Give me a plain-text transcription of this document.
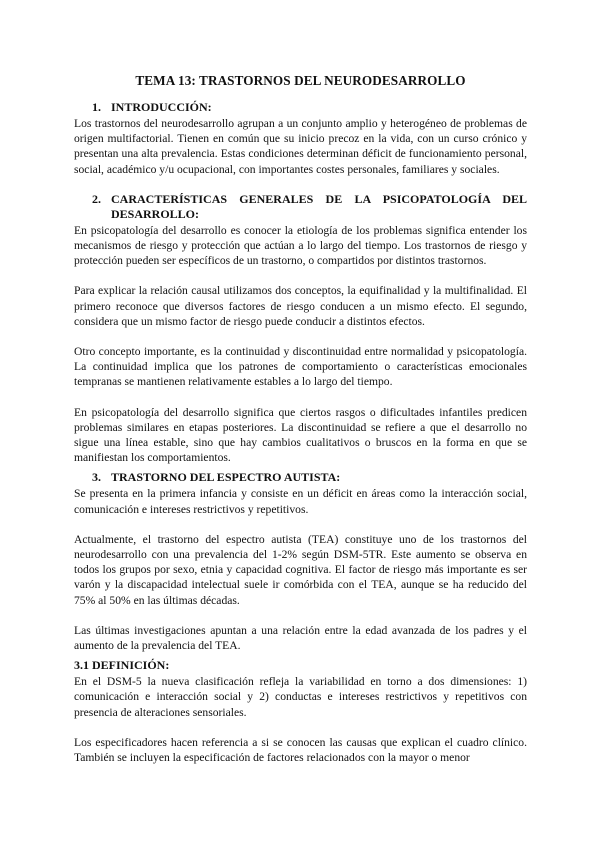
TEMA 13: TRASTORNOS DEL NEURODESARROLLO
1. INTRODUCCIÓN:

Los trastornos del neurodesarrollo agrupan a un conjunto amplio y heterogéneo de problemas de origen multifactorial. Tienen en común que su inicio precoz en la vida, con un curso crónico y presentan una alta prevalencia. Estas condiciones determinan déficit de funcionamiento personal, social, académico y/u ocupacional, con importantes costes personales, familiares y sociales.

2. CARACTERÍSTICAS GENERALES DE LA PSICOPATOLOGÍA DEL DESARROLLO:

En psicopatología del desarrollo es conocer la etiología de los problemas significa entender los mecanismos de riesgo y protección que actúan a lo largo del tiempo. Los trastornos de riesgo y protección pueden ser específicos de un trastorno, o compartidos por distintos trastornos.

Para explicar la relación causal utilizamos dos conceptos, la equifinalidad y la multifinalidad. El primero reconoce que diversos factores de riesgo conducen a un mismo efecto. El segundo, considera que un mismo factor de riesgo puede conducir a distintos efectos.

Otro concepto importante, es la continuidad y discontinuidad entre normalidad y psicopatología. La continuidad implica que los patrones de comportamiento o características emocionales tempranas se mantienen relativamente estables a lo largo del tiempo.

En psicopatología del desarrollo significa que ciertos rasgos o dificultades infantiles predicen problemas similares en etapas posteriores. La discontinuidad se refiere a que el desarrollo no sigue una línea estable, sino que hay cambios cualitativos o bruscos en la forma en que se manifiestan los comportamientos.

3. TRASTORNO DEL ESPECTRO AUTISTA:

Se presenta en la primera infancia y consiste en un déficit en áreas como la interacción social, comunicación e intereses restrictivos y repetitivos.

Actualmente, el trastorno del espectro autista (TEA) constituye uno de los trastornos del neurodesarrollo con una prevalencia del 1-2% según DSM-5TR. Este aumento se observa en todos los grupos por sexo, etnia y capacidad cognitiva. El factor de riesgo más importante es ser varón y la discapacidad intelectual suele ir comórbida con el TEA, aunque se ha reducido del 75% al 50% en las últimas décadas.

Las últimas investigaciones apuntan a una relación entre la edad avanzada de los padres y el aumento de la prevalencia del TEA.

3.1 DEFINICIÓN:

En el DSM-5 la nueva clasificación refleja la variabilidad en torno a dos dimensiones: 1) comunicación e interacción social y 2) conductas e intereses restrictivos y repetitivos con presencia de alteraciones sensoriales.

Los especificadores hacen referencia a si se conocen las causas que explican el cuadro clínico. También se incluyen la especificación de factores relacionados con la mayor o menor
